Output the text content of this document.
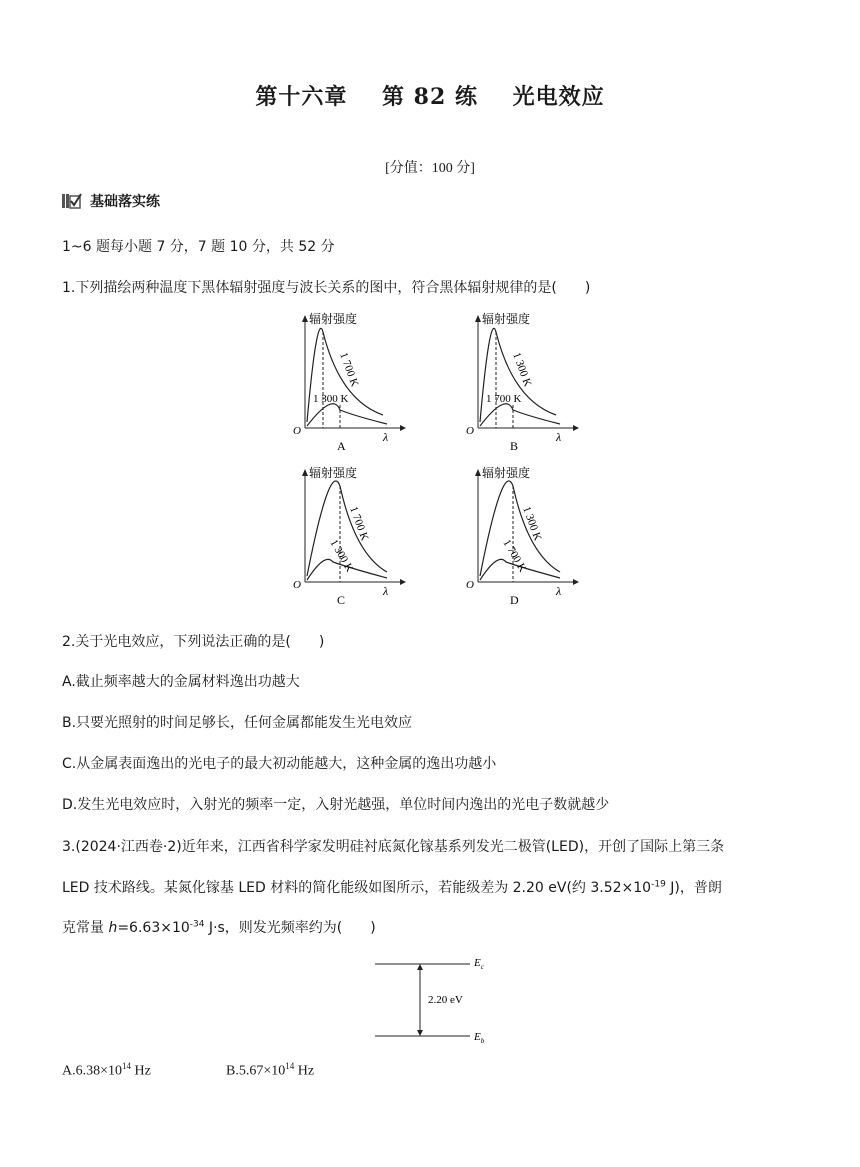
第十六章    第 82 练    光电效应
[分值：100 分]
基础落实练
1~6 题每小题 7 分，7 题 10 分，共 52 分
1.下列描绘两种温度下黑体辐射强度与波长关系的图中，符合黑体辐射规律的是(　　)
辐射强度
O	λ
1 700 K
1 300 K
A
辐射强度
O	λ
1 300 K
1 700 K
B
辐射强度
O	λ
1 700 K
1 300 K
C
辐射强度
O	λ
1 300 K
1 700 K
D
2.关于光电效应，下列说法正确的是(　　)
A.截止频率越大的金属材料逸出功越大
B.只要光照射的时间足够长，任何金属都能发生光电效应
C.从金属表面逸出的光电子的最大初动能越大，这种金属的逸出功越小
D.发生光电效应时，入射光的频率一定，入射光越强，单位时间内逸出的光电子数就越少
3.(2024·江西卷·2)近年来，江西省科学家发明硅衬底氮化镓基系列发光二极管(LED)，开创了国际上第三条
LED 技术路线。某氮化镓基 LED 材料的简化能级如图所示，若能级差为 2.20 eV(约 $3.52\times 10^{-19}$ J)，普朗
克常量 $h=6.63\times 10^{-34}$ J·s，则发光频率约为(　　)
$E_c$
$E_b$
2.20 eV
$A.6.38\times 10^{14}$ Hz	$B.5.67\times 10^{14}$ Hz
